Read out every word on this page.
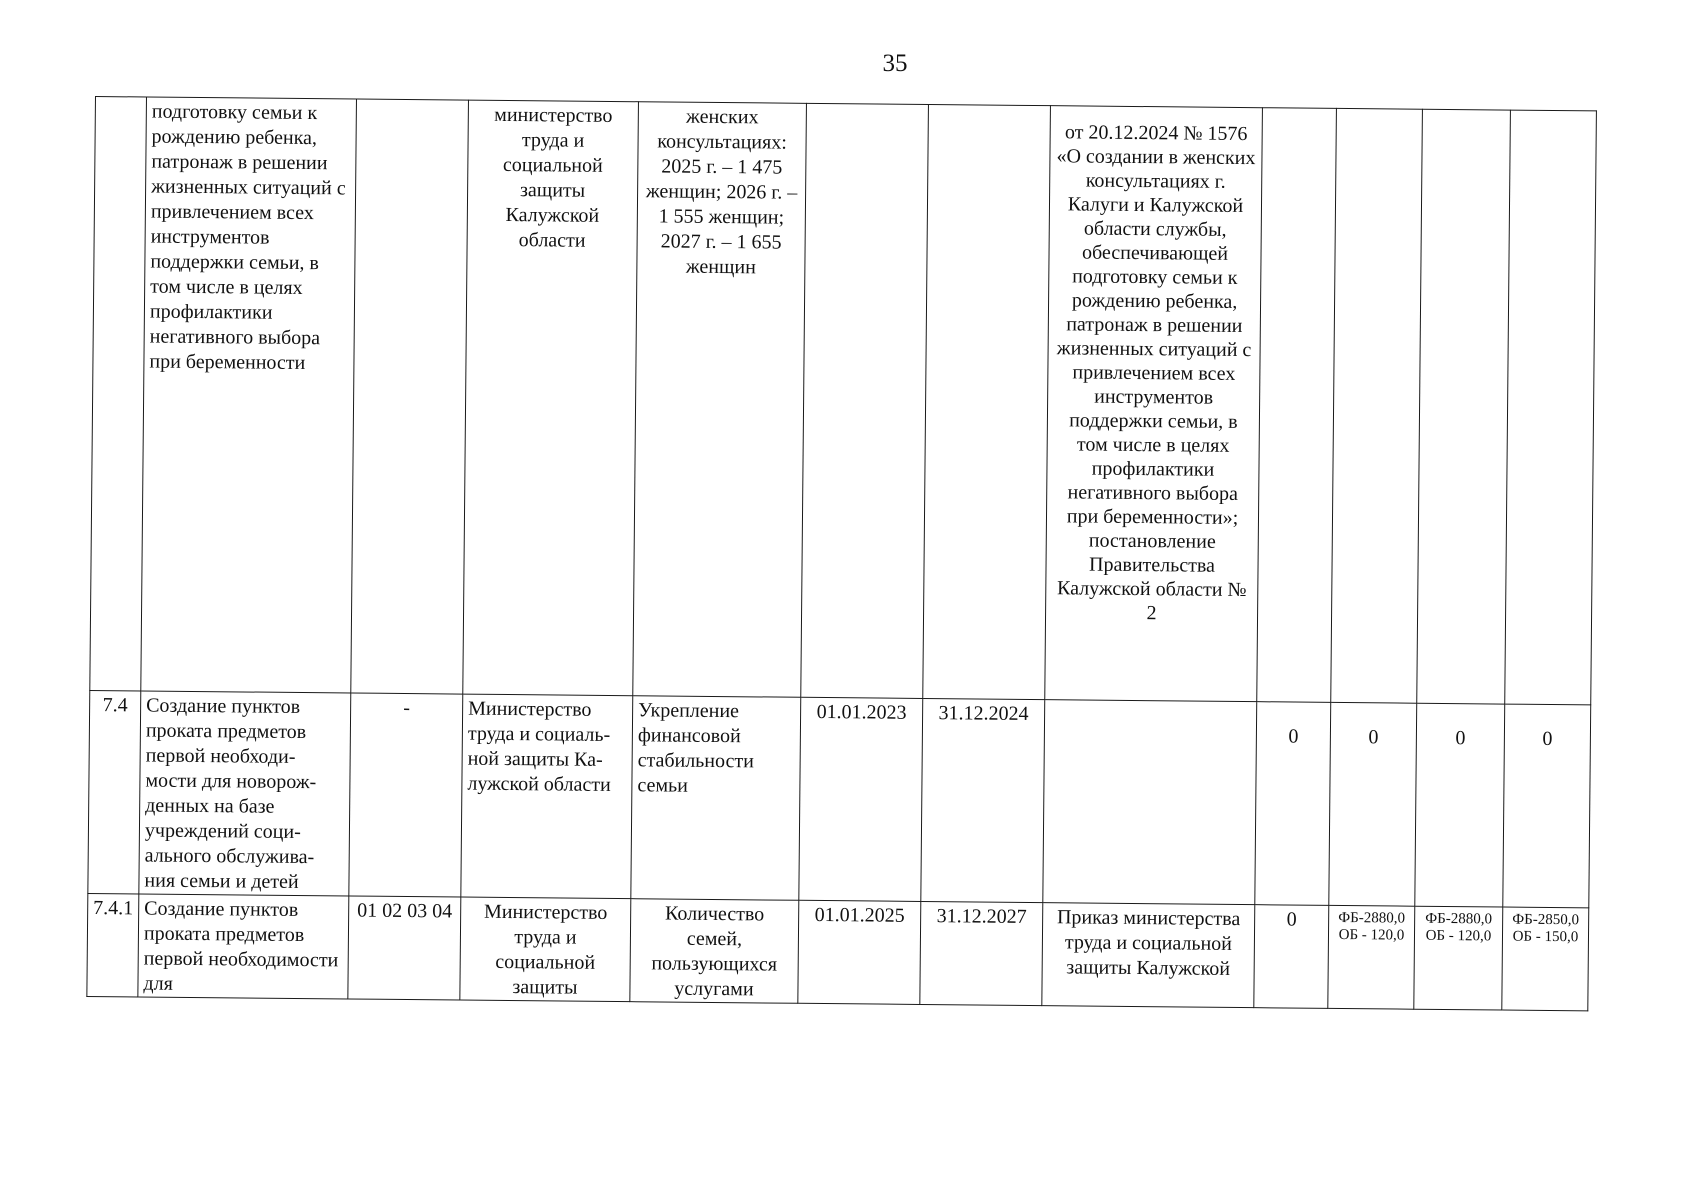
35
	подготовку семьи к рождению ребенка, патронаж в решении жизненных ситуаций с привлечением всех инструментов поддержки семьи, в том числе в целях профилактики негативного выбора при беременности		министерство труда и социальной защиты Калужской области	женских консультациях: 2025 г. – 1 475 женщин; 2026 г. – 1 555 женщин; 2027 г. – 1 655 женщин			от 20.12.2024 № 1576 «О создании в женских консультациях г. Калуги и Калужской области службы, обеспечивающей подготовку семьи к рождению ребенка, патронаж в решении жизненных ситуаций с привлечением всех инструментов поддержки семьи, в том числе в целях профилактики негативного выбора при беременности»; постановление Правительства Калужской области № 2				
7.4	Создание пунктов проката предметов первой необходи-мости для новорож-денных на базе учреждений соци-ального обслужива-ния семьи и детей	-	Министерство труда и социаль-ной защиты Ка-лужской области	Укрепление финансовой стабильности семьи	01.01.2023	31.12.2024		0	0	0	0
7.4.1	Создание пунктов проката предметов первой необходимости для	01 02 03 04	Министерство труда и социальной защиты	Количество семей, пользующихся услугами	01.01.2025	31.12.2027	Приказ министерства труда и социальной защиты Калужской	0	ФБ-2880,0 ОБ - 120,0	ФБ-2880,0 ОБ - 120,0	ФБ-2850,0 ОБ - 150,0
